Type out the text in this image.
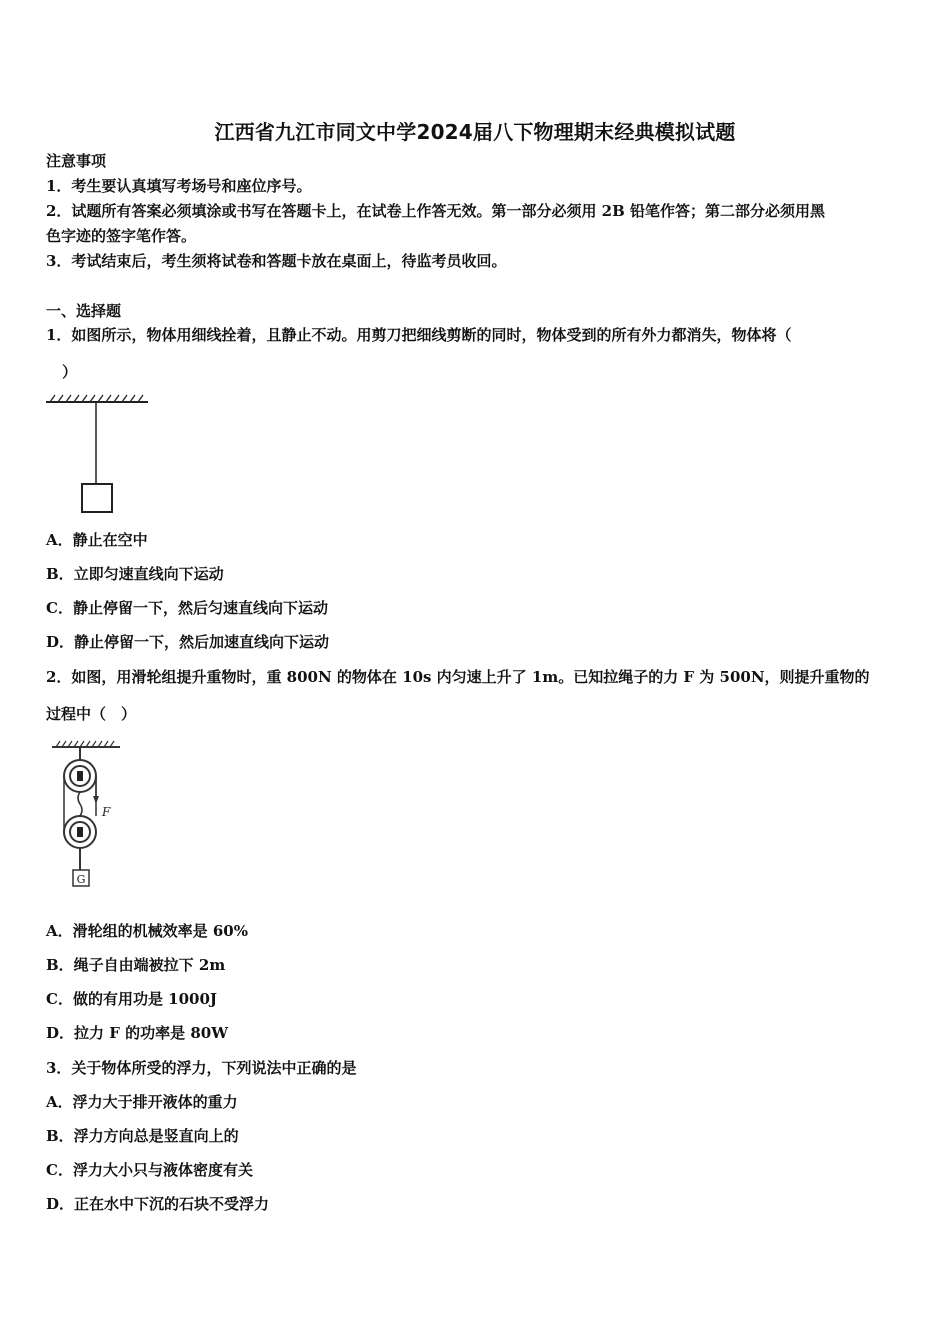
江西省九江市同文中学2024届八下物理期末经典模拟试题
注意事项
1．考生要认真填写考场号和座位序号。
2．试题所有答案必须填涂或书写在答题卡上，在试卷上作答无效。第一部分必须用 2B 铅笔作答；第二部分必须用黑
色字迹的签字笔作答。
3．考试结束后，考生须将试卷和答题卡放在桌面上，待监考员收回。
一、选择题
1．如图所示，物体用细线拴着，且静止不动。用剪刀把细线剪断的同时，物体受到的所有外力都消失，物体将（
）
A．静止在空中
B．立即匀速直线向下运动
C．静止停留一下，然后匀速直线向下运动
D．静止停留一下，然后加速直线向下运动
2．如图，用滑轮组提升重物时，重 800N 的物体在 10s 内匀速上升了 1m。已知拉绳子的力 F 为 500N，则提升重物的
过程中（　）
F
G
A．滑轮组的机械效率是 60%
B．绳子自由端被拉下 2m
C．做的有用功是 1000J
D．拉力 F 的功率是 80W
3．关于物体所受的浮力，下列说法中正确的是
A．浮力大于排开液体的重力
B．浮力方向总是竖直向上的
C．浮力大小只与液体密度有关
D．正在水中下沉的石块不受浮力
